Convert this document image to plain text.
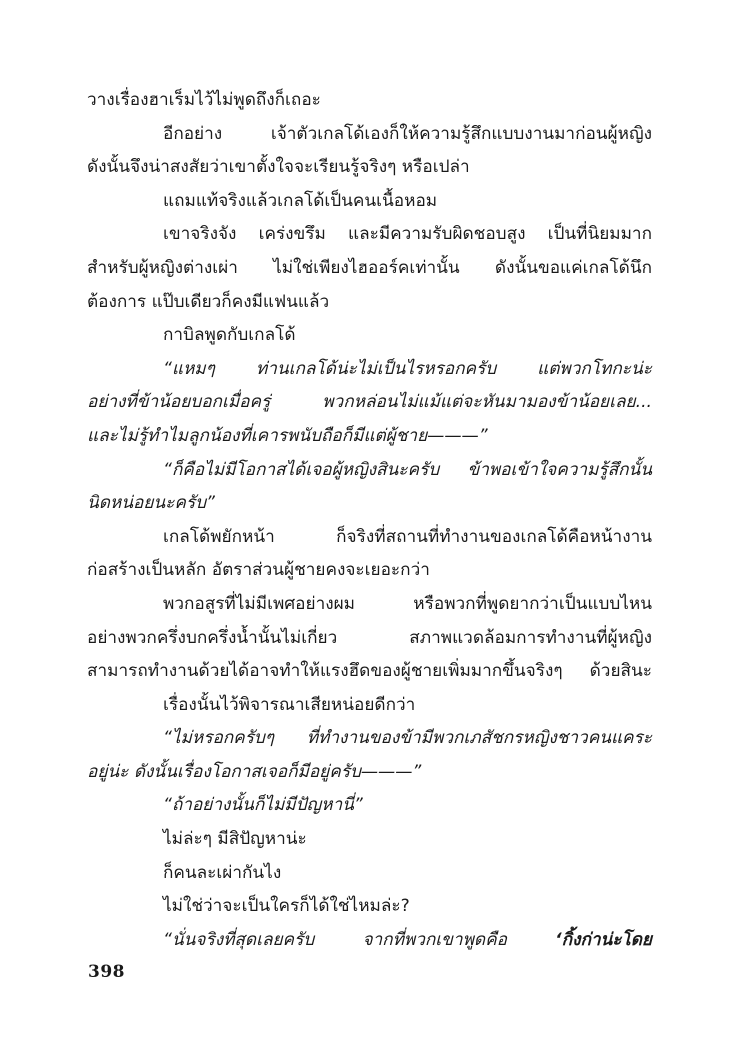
วางเรื่องฮาเร็มไว้ไม่พูดถึงก็เถอะ
อีกอย่าง เจ้าตัวเกลโด้เองก็ให้ความรู้สึกแบบงานมาก่อนผู้หญิง
ดังนั้นจึงน่าสงสัยว่าเขาตั้งใจจะเรียนรู้จริงๆ หรือเปล่า
แถมแท้จริงแล้วเกลโด้เป็นคนเนื้อหอม
เขาจริงจัง เคร่งขรึม และมีความรับผิดชอบสูง เป็นที่นิยมมาก
สำหรับผู้หญิงต่างเผ่า ไม่ใช่เพียงไฮออร์คเท่านั้น ดังนั้นขอแค่เกลโด้นึก
ต้องการ แป๊บเดียวก็คงมีแฟนแล้ว
กาบิลพูดกับเกลโด้
“แหมๆ ท่านเกลโด้น่ะไม่เป็นไรหรอกครับ แต่พวกโทกะน่ะ
อย่างที่ข้าน้อยบอกเมื่อครู่ พวกหล่อนไม่แม้แต่จะหันมามองข้าน้อยเลย...
และไม่รู้ทำไมลูกน้องที่เคารพนับถือก็มีแต่ผู้ชาย———”
“ก็คือไม่มีโอกาสได้เจอผู้หญิงสินะครับ ข้าพอเข้าใจความรู้สึกนั้น
นิดหน่อยนะครับ”
เกลโด้พยักหน้า ก็จริงที่สถานที่ทำงานของเกลโด้คือหน้างาน
ก่อสร้างเป็นหลัก อัตราส่วนผู้ชายคงจะเยอะกว่า
พวกอสูรที่ไม่มีเพศอย่างผม หรือพวกที่พูดยากว่าเป็นแบบไหน
อย่างพวกครึ่งบกครึ่งน้ำนั้นไม่เกี่ยว สภาพแวดล้อมการทำงานที่ผู้หญิง
สามารถทำงานด้วยได้อาจทำให้แรงฮึดของผู้ชายเพิ่มมากขึ้นจริงๆ ด้วยสินะ
เรื่องนั้นไว้พิจารณาเสียหน่อยดีกว่า
“ไม่หรอกครับๆ ที่ทำงานของข้ามีพวกเภสัชกรหญิงชาวคนแคระ
อยู่น่ะ ดังนั้นเรื่องโอกาสเจอก็มีอยู่ครับ———”
“ถ้าอย่างนั้นก็ไม่มีปัญหานี่”
ไม่ล่ะๆ มีสิปัญหาน่ะ
ก็คนละเผ่ากันไง
ไม่ใช่ว่าจะเป็นใครก็ได้ใช่ไหมล่ะ?
“นั่นจริงที่สุดเลยครับ จากที่พวกเขาพูดคือ ‘กิ้งก่าน่ะโดย
398
